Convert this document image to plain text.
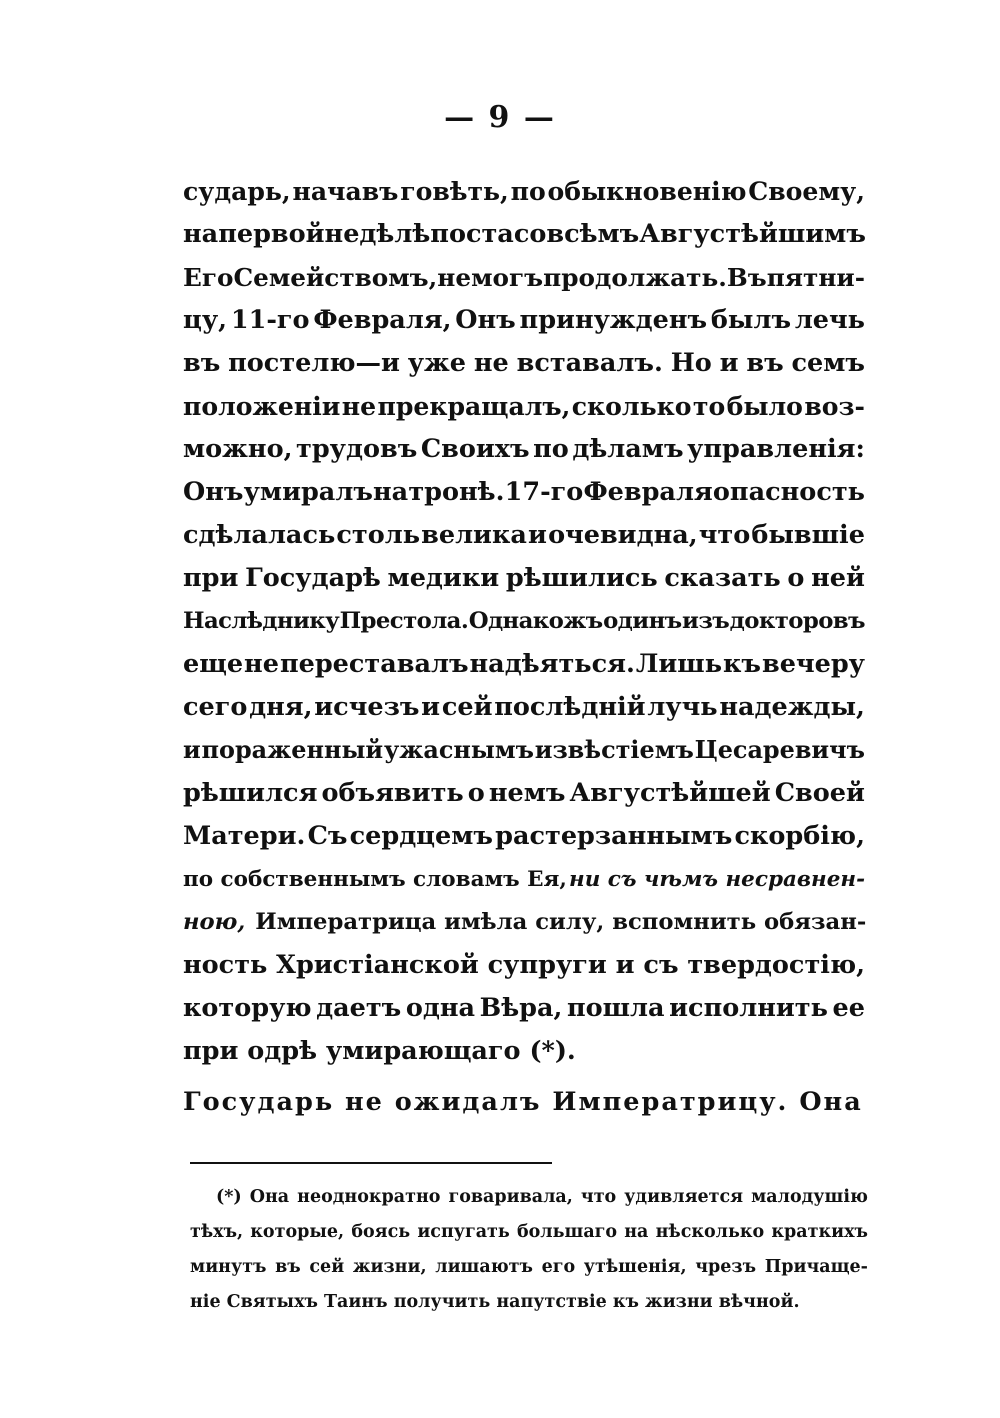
— 9 —
сударь, начавъ говѣть, по обыкновенію Своему,
на первой недѣлѣ поста со всѣмъ Августѣйшимъ
Его Семействомъ, не могъ продолжать. Въ пятни-
цу, 11-го Февраля, Онъ принужденъ былъ лечь
въ постелю—и уже не вставалъ. Но и въ семъ
положеніи не прекращалъ, сколько то было воз-
можно, трудовъ Своихъ по дѣламъ управленія:
Онъ умиралъ на тронѣ. 17-го Февраля опасность
сдѣлалась столь велика и очевидна, что бывшіе
при Государѣ медики рѣшились сказать о ней
Наслѣднику Престола. Однакожъ одинъ изъ докторовъ
еще не переставалъ надѣяться. Лишь къ вечеру
сего дня, исчезъ и сей послѣдній лучь надежды,
и пораженный ужаснымъ извѣстіемъ Цесаревичъ
рѣшился объявить о немъ Августѣйшей Своей
Матери. Съ сердцемъ растерзаннымъ скорбію,
по собственнымъ словамъ Ея, ни съ чѣмъ несравнен-
ною, Императрица имѣла силу, вспомнить обязан-
ность Христіанской супруги и съ твердостію,
которую даетъ одна Вѣра, пошла исполнить ее
при одрѣ умирающаго (*).
Государь не ожидалъ Императрицу. Она
(*) Она неоднократно говаривала, что удивляется малодушію
тѣхъ, которые, боясь испугать большаго на нѣсколько краткихъ
минутъ въ сей жизни, лишаютъ его утѣшенія, чрезъ Причаще-
ніе Святыхъ Таинъ получить напутствіе къ жизни вѣчной.
